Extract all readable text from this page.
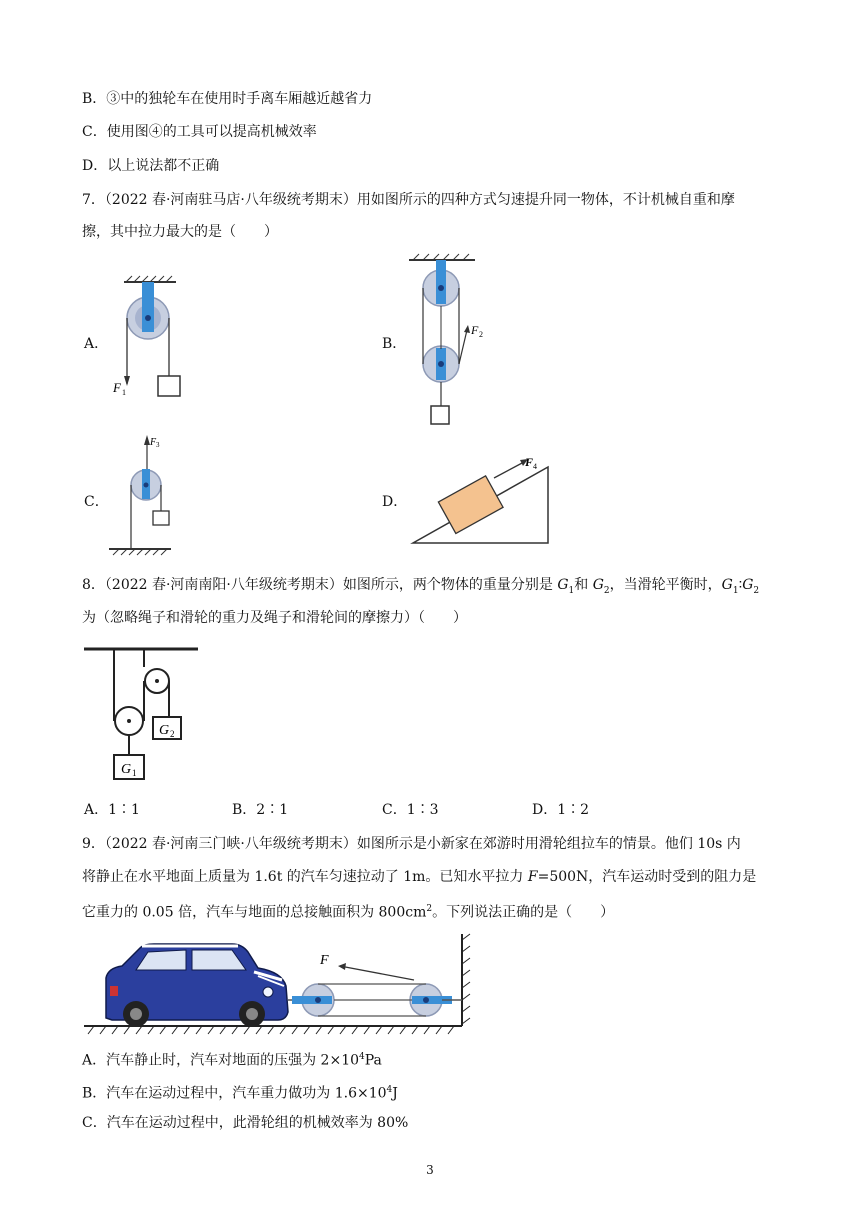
B．③中的独轮车在使用时手离车厢越近越省力
C．使用图④的工具可以提高机械效率
D．以上说法都不正确
7．（2022 春·河南驻马店·八年级统考期末）用如图所示的四种方式匀速提升同一物体，不计机械自重和摩
擦，其中拉力最大的是（　　）
A．	B．
C．	D．
F 1
F 2
F 3
F 4
8．（2022 春·河南南阳·八年级统考期末）如图所示，两个物体的重量分别是 $G_1$和 $G_2$，当滑轮平衡时，$G_1∶G_2$
为（忽略绳子和滑轮的重力及绳子和滑轮间的摩擦力）（　　）
G 2
G 1
A．1∶1	B．2∶1	C．1∶3	D．1∶2
9．（2022 春·河南三门峡·八年级统考期末）如图所示是小新家在郊游时用滑轮组拉车的情景。他们 10s 内
将静止在水平地面上质量为 1.6t 的汽车匀速拉动了 1m。已知水平拉力 F=500N，汽车运动时受到的阻力是
它重力的 0.05 倍，汽车与地面的总接触面积为 $800cm^2$。下列说法正确的是（　　）
F
A．汽车静止时，汽车对地面的压强为 $2\times 10^4Pa$
B．汽车在运动过程中，汽车重力做功为 $1.6\times 10^4J$
C．汽车在运动过程中，此滑轮组的机械效率为 80%
3
